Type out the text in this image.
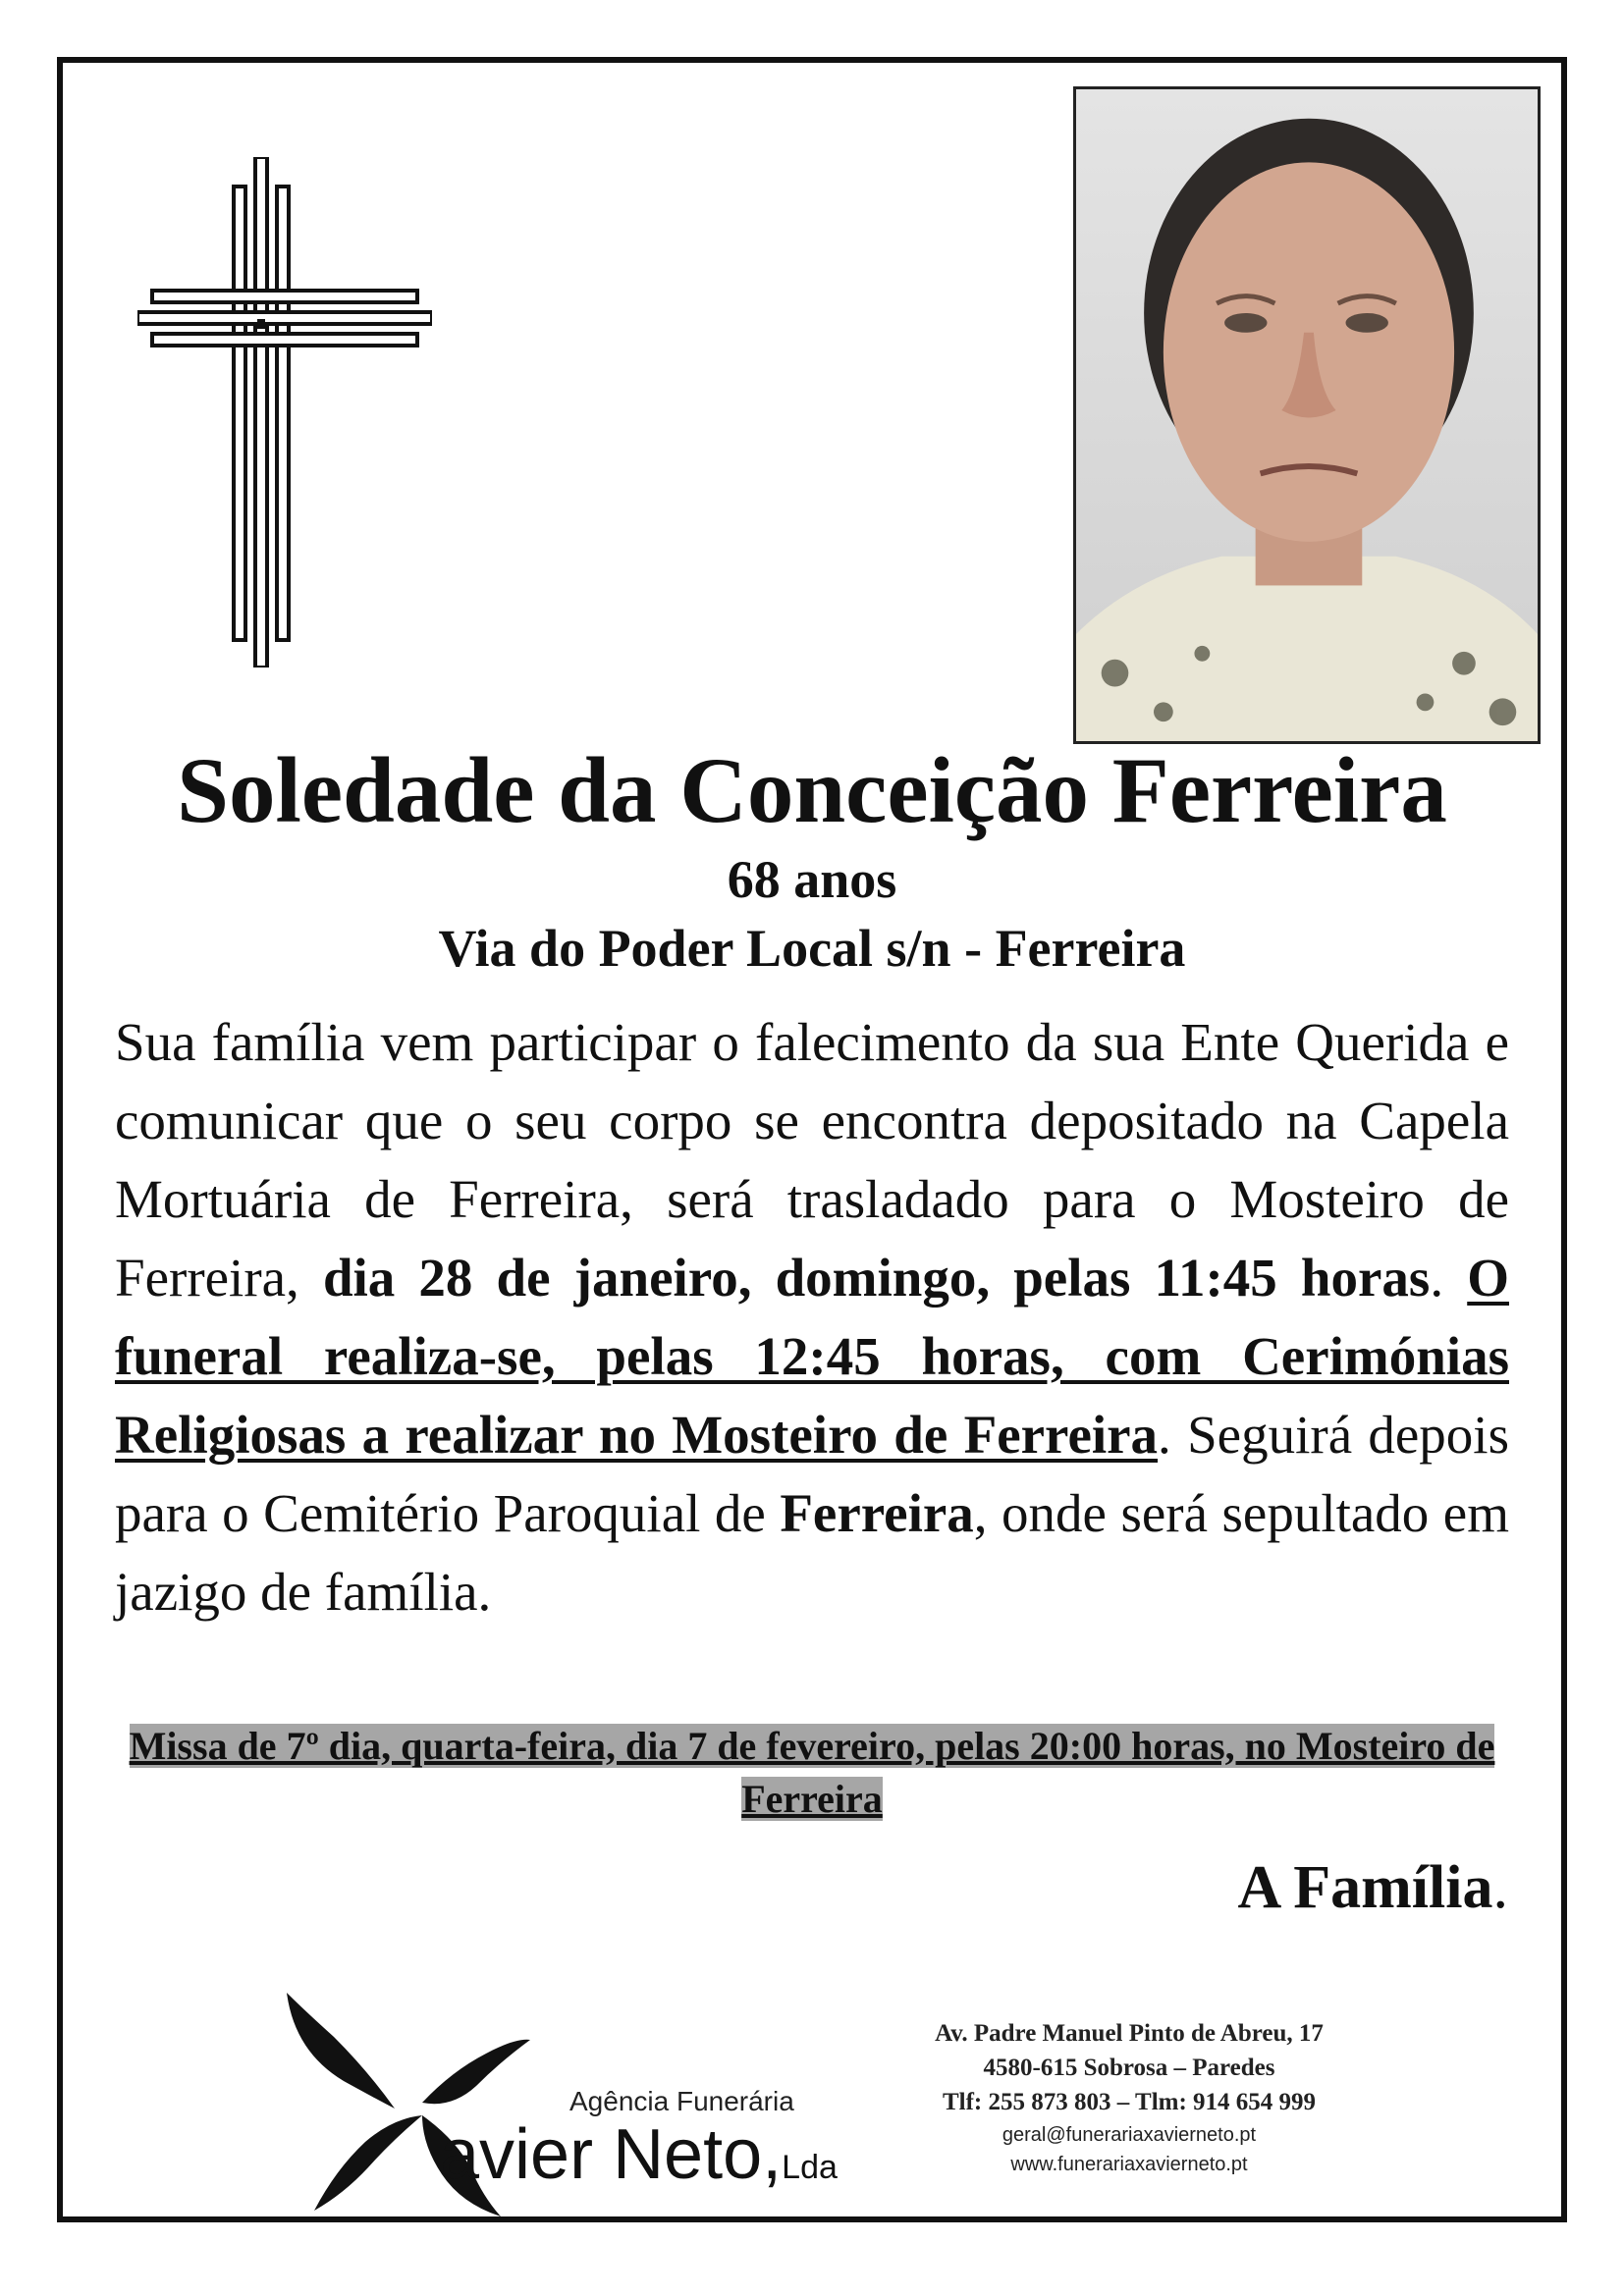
Soledade da Conceição Ferreira
68 anos
Via do Poder Local s/n - Ferreira
Sua família vem participar o falecimento da sua Ente Querida e comunicar que o seu corpo se encontra depositado na Capela Mortuária de Ferreira, será trasladado para o Mosteiro de Ferreira, dia 28 de janeiro, domingo, pelas 11:45 horas. O funeral realiza-se, pelas 12:45 horas, com Cerimónias Religiosas a realizar no Mosteiro de Ferreira. Seguirá depois para o Cemitério Paroquial de Ferreira, onde será sepultado em jazigo de família.
Missa de 7º dia, quarta-feira, dia 7 de fevereiro, pelas 20:00 horas, no Mosteiro de Ferreira
A Família.
Agência Funerária
avier Neto,Lda
Av. Padre Manuel Pinto de Abreu, 17
4580-615 Sobrosa – Paredes
Tlf: 255 873 803 – Tlm: 914 654 999
geral@funerariaxavierneto.pt
www.funerariaxavierneto.pt
